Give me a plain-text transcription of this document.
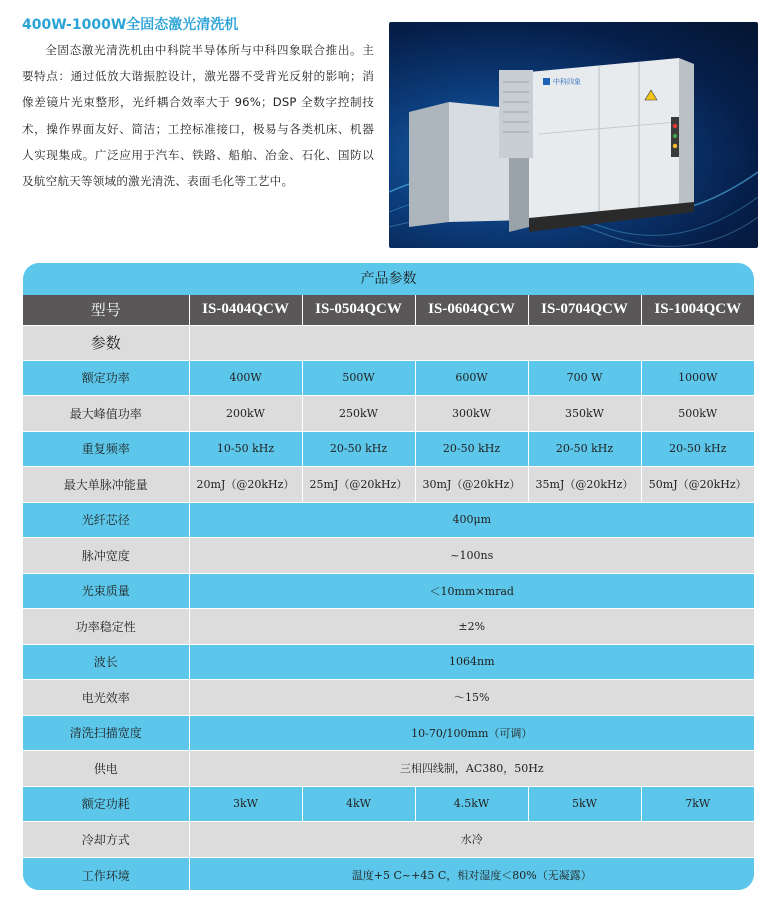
400W-1000W全固态激光清洗机
全固态激光清洗机由中科院半导体所与中科四象联合推出。主要特点：通过低放大谐振腔设计，激光器不受背光反射的影响；消像差镜片光束整形，光纤耦合效率大于 96%；DSP 全数字控制技术，操作界面友好、简洁；工控标准接口，极易与各类机床、机器人实现集成。广泛应用于汽车、铁路、船舶、冶金、石化、国防以及航空航天等领域的激光清洗、表面毛化等工艺中。
中科四象
产品参数
型号	IS-0404QCW	IS-0504QCW	IS-0604QCW	IS-0704QCW	IS-1004QCW
参数					
额定功率	400W	500W	600W	700 W	1000W
最大峰值功率	200kW	250kW	300kW	350kW	500kW
重复频率	10-50 kHz	20-50 kHz	20-50 kHz	20-50 kHz	20-50 kHz
最大单脉冲能量	20mJ（@20kHz）	25mJ（@20kHz）	30mJ（@20kHz）	35mJ（@20kHz）	50mJ（@20kHz）
光纤芯径	400μm				
脉冲宽度	~100ns				
光束质量	＜10mm×mrad				
功率稳定性	±2%				
波长	1064nm				
电光效率	～15%				
清洗扫描宽度	10-70/100mm（可调）				
供电	三相四线制，AC380，50Hz				
额定功耗	3kW	4kW	4.5kW	5kW	7kW
冷却方式	水冷				
工作环境	温度+5 C~+45 C，相对湿度＜80%（无凝露）				
